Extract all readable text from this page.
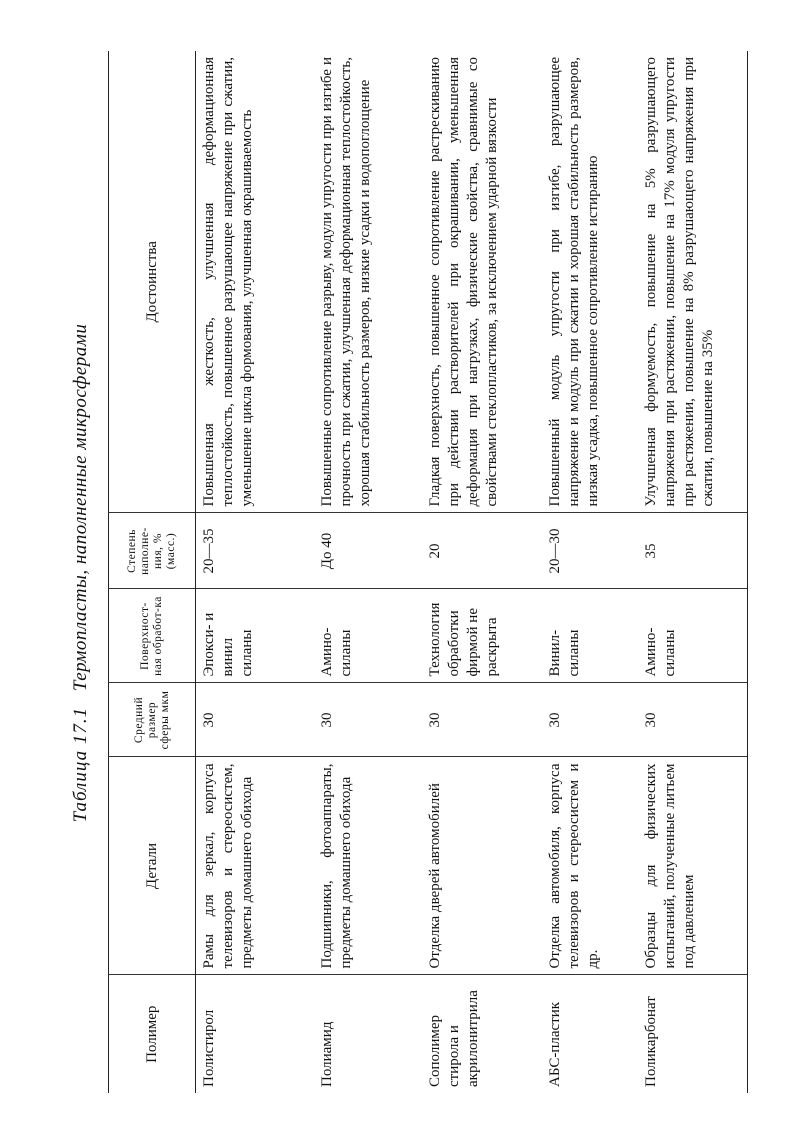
Таблица 17.1   Термопласты, наполненные микросферами
Полимер	Детали	Средний размер сферы мкм	Поверхност-ная обработ-ка	Степень наполне-ния, % (масс.)	Достоинства
Полистирол	Рамы для зеркал, корпуса телевизоров и стереосистем, предметы домашнего обихода	30	Эпокси- и винил силаны	20—35	Повышенная жесткость, улучшенная деформационная теплостойкость, повышенное разрушающее напряжение при сжатии, уменьшение цикла формования, улучшенная окрашиваемость
Полиамид	Подшипники, фотоаппараты, предметы домашнего обихода	30	Амино-силаны	До 40	Повышенные сопротивление разрыву, модули упругости при изгибе и прочность при сжатии, улучшенная деформационная теплостойкость, хорошая стабильность размеров, низкие усадки и водопоглощение
Сополимер стирола и акрилонитрила	Отделка дверей автомобилей	30	Технология обработки фирмой не раскрыта	20	Гладкая поверхность, повышенное сопротивление растрескиванию при действии растворителей при окрашивании, уменьшенная деформация при нагрузках, физические свойства, сравнимые со свойствами стеклопластиков, за исключением ударной вязкости
АБС-пластик	Отделка автомобиля, корпуса телевизоров и стереосистем и др.	30	Винил-силаны	20—30	Повышенный модуль упругости при изгибе, разрушающее напряжение и модуль при сжатии и хорошая стабильность размеров, низкая усадка, повышенное сопротивление истиранию
Поликарбонат	Образцы для физических испытаний, полученные литьем под давлением	30	Амино-силаны	35	Улучшенная формуемость, повышение на 5% разрушающего напряжения при растяжении, повышение на 17% модуля упругости при растяжении, повышение на 8% разрушающего напряжения при сжатии, повышение на 35%
